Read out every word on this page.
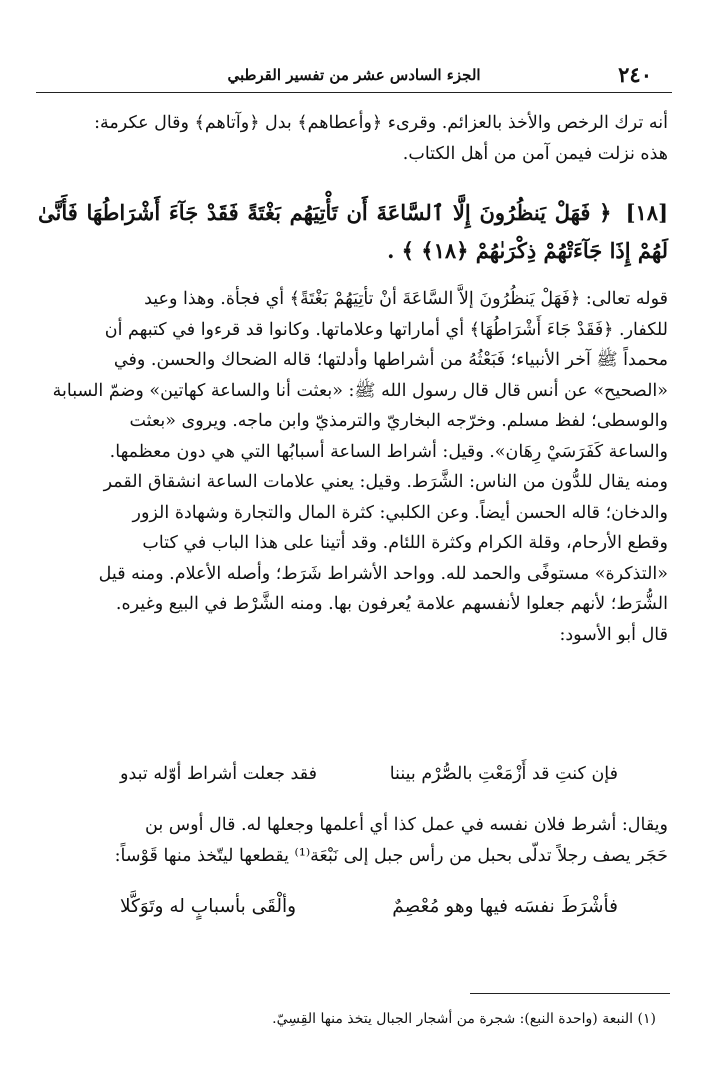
٢٤٠
الجزء السادس عشر من تفسير القرطبي
أنه ترك الرخص والأخذ بالعزائم. وقرىء ﴿وأعطاهم﴾ بدل ﴿وآتاهم﴾ وقال عكرمة:
هذه نزلت فيمن آمن من أهل الكتاب.
[١٨] ﴿ فَهَلْ يَنظُرُونَ إِلَّا ٱلسَّاعَةَ أَن تَأْتِيَهُم بَغْتَةً فَقَدْ جَآءَ أَشْرَاطُهَا فَأَنَّىٰ لَهُمْ إِذَا جَآءَتْهُمْ ذِكْرَىٰهُمْ ﴿١٨﴾ ﴾ .
قوله تعالى: ﴿فَهَلْ يَنظُرُونَ إلاَّ السَّاعَةَ أنْ تأتِيَهُمْ بَغْتَةً﴾ أي فجأة. وهذا وعيد
للكفار. ﴿فَقَدْ جَاءَ أَشْرَاطُهَا﴾ أي أماراتها وعلاماتها. وكانوا قد قرءوا في كتبهم أن
محمداً ﷺ آخر الأنبياء؛ فَبَعْثُهُ من أشراطها وأدلتها؛ قاله الضحاك والحسن. وفي
«الصحيح» عن أنس قال قال رسول الله ﷺ: «بعثت أنا والساعة كهاتين» وضمّ السبابة
والوسطى؛ لفظ مسلم. وخرّجه البخاريّ والترمذيّ وابن ماجه. ويروى «بعثت
والساعة كَفَرَسَيْ رِهَان». وقيل: أشراط الساعة أسبابُها التي هي دون معظمها.
ومنه يقال للدُّون من الناس: الشَّرَط. وقيل: يعني علامات الساعة انشقاق القمر
والدخان؛ قاله الحسن أيضاً. وعن الكلبي: كثرة المال والتجارة وشهادة الزور
وقطع الأرحام، وقلة الكرام وكثرة اللئام. وقد أتينا على هذا الباب في كتاب
«التذكرة» مستوفًى والحمد لله. وواحد الأشراط شَرَط؛ وأصله الأعلام. ومنه قيل
الشُّرَط؛ لأنهم جعلوا لأنفسهم علامة يُعرفون بها. ومنه الشَّرْط في البيع وغيره.
قال أبو الأسود:
فإن كنتِ قد أَزْمَعْتِ بالصُّرْم بيننا
فقد جعلت أشراط أوّله تبدو
ويقال: أشرط فلان نفسه في عمل كذا أي أعلمها وجعلها له. قال أوس بن
حَجَر يصف رجلاً تدلّى بحبل من رأس جبل إلى نَبْعَة⁽¹⁾ يقطعها ليتّخذ منها قَوْساً:
فأشْرَطَ نفسَه فيها وهو مُعْصِمٌ
وألْقَى بأسبابٍ له وتَوَكَّلا
(١) النبعة (واحدة النبع): شجرة من أشجار الجبال يتخذ منها القِسِيّ.
